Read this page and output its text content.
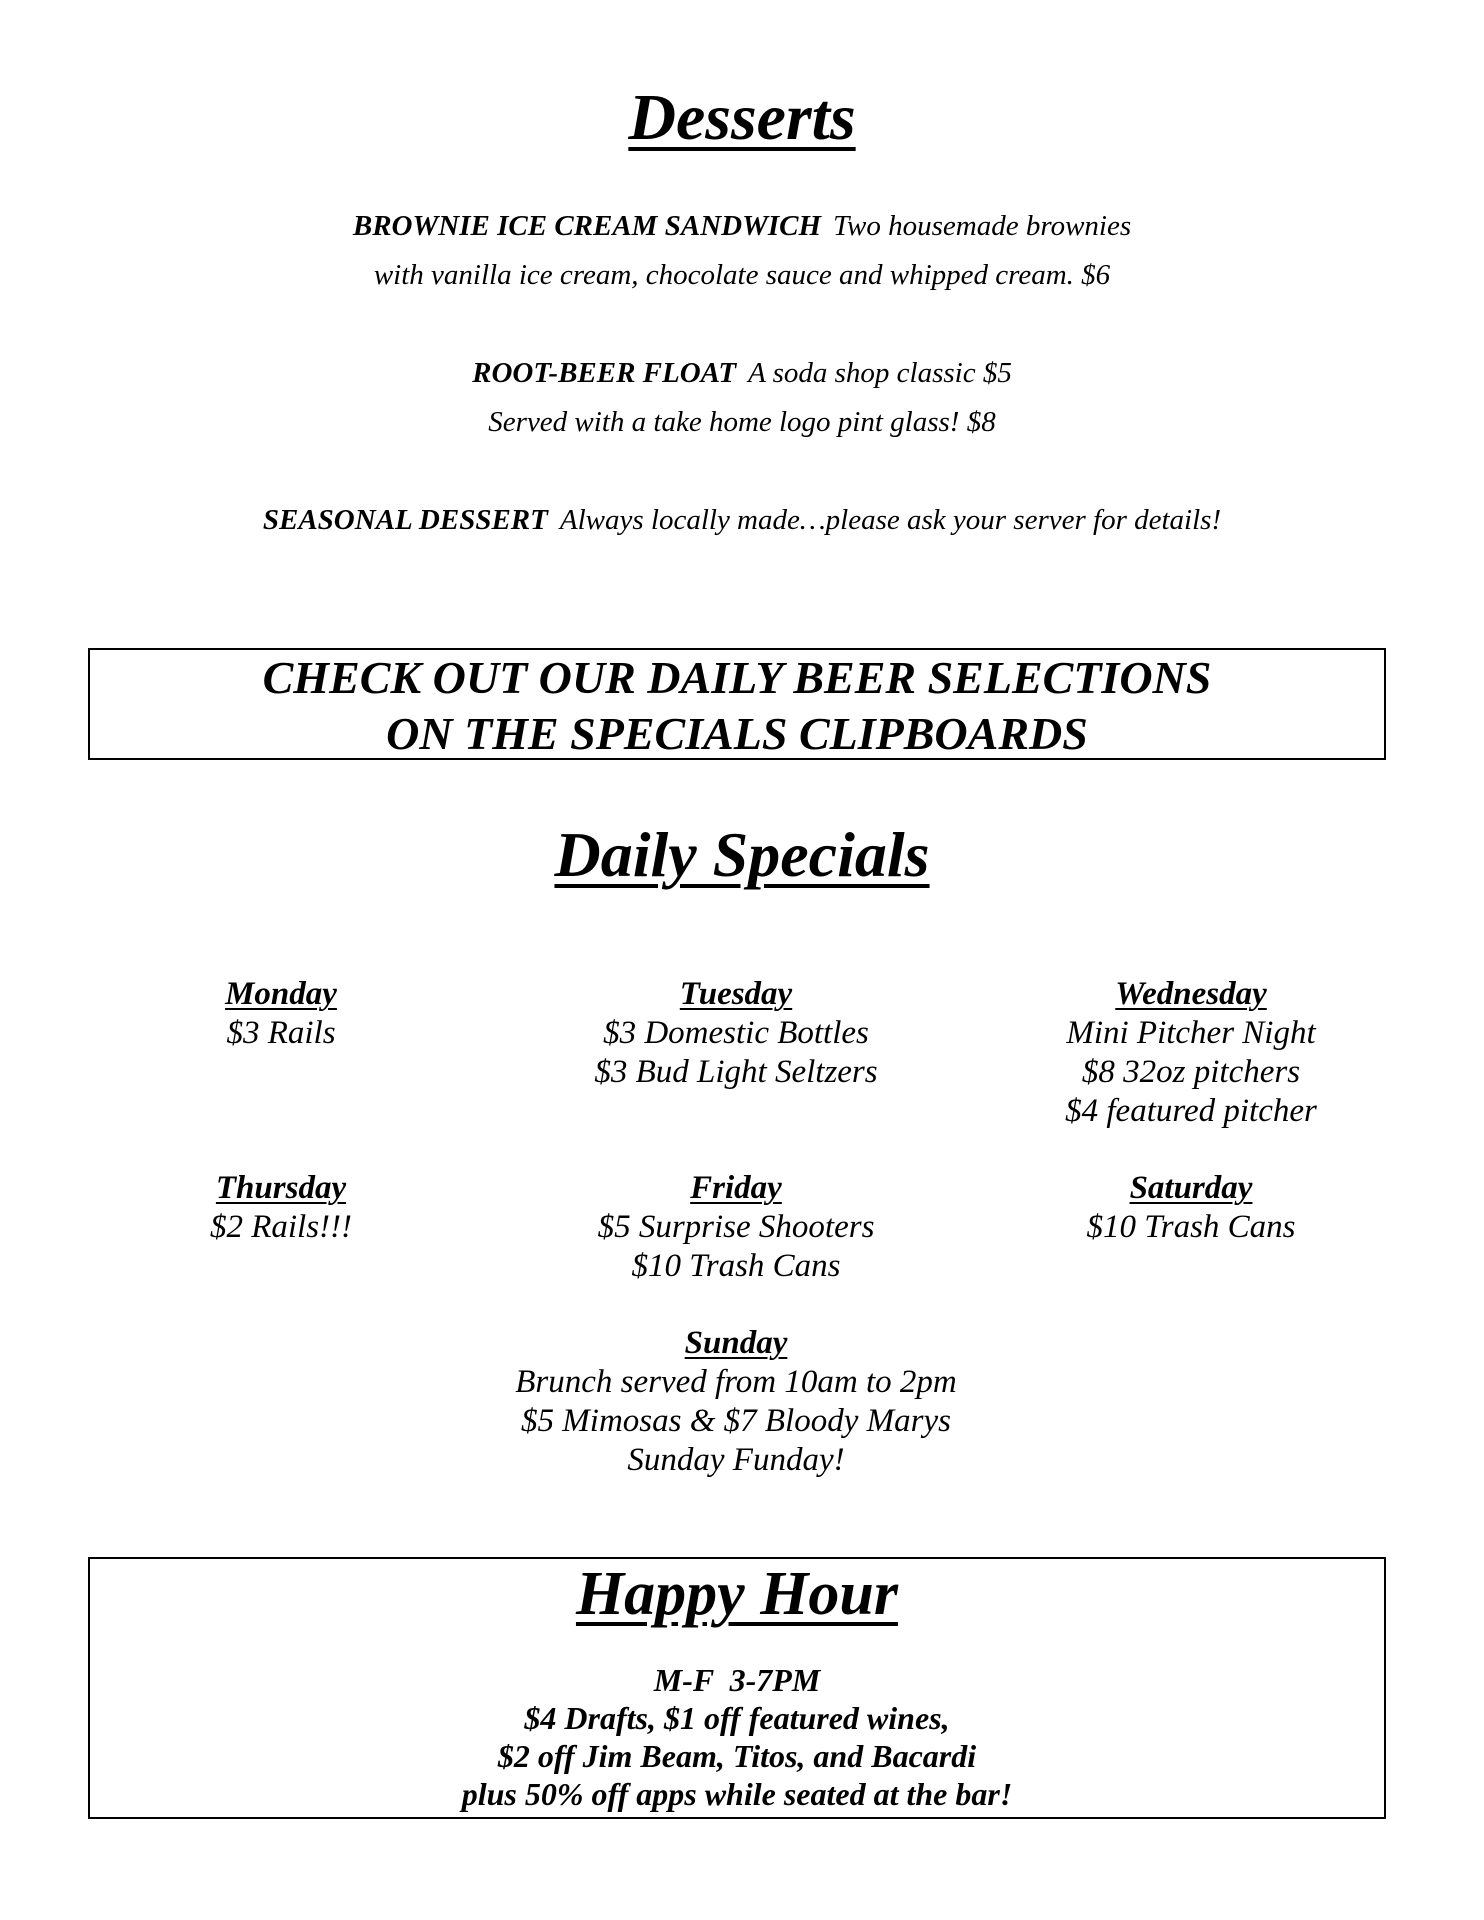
Desserts
BROWNIE ICE CREAM SANDWICH Two housemade brownies
with vanilla ice cream, chocolate sauce and whipped cream. $6
ROOT-BEER FLOAT A soda shop classic $5
Served with a take home logo pint glass! $8
SEASONAL DESSERT Always locally made…please ask your server for details!
CHECK OUT OUR DAILY BEER SELECTIONS
ON THE SPECIALS CLIPBOARDS
Daily Specials
Monday
$3 Rails
Tuesday
$3 Domestic Bottles
$3 Bud Light Seltzers
Wednesday
Mini Pitcher Night
$8 32oz pitchers
$4 featured pitcher
Thursday
$2 Rails!!!
Friday
$5 Surprise Shooters
$10 Trash Cans
Saturday
$10 Trash Cans
Sunday
Brunch served from 10am to 2pm
$5 Mimosas & $7 Bloody Marys
Sunday Funday!
Happy Hour
M-F  3-7PM
$4 Drafts, $1 off featured wines,
$2 off Jim Beam, Titos, and Bacardi
plus 50% off apps while seated at the bar!
